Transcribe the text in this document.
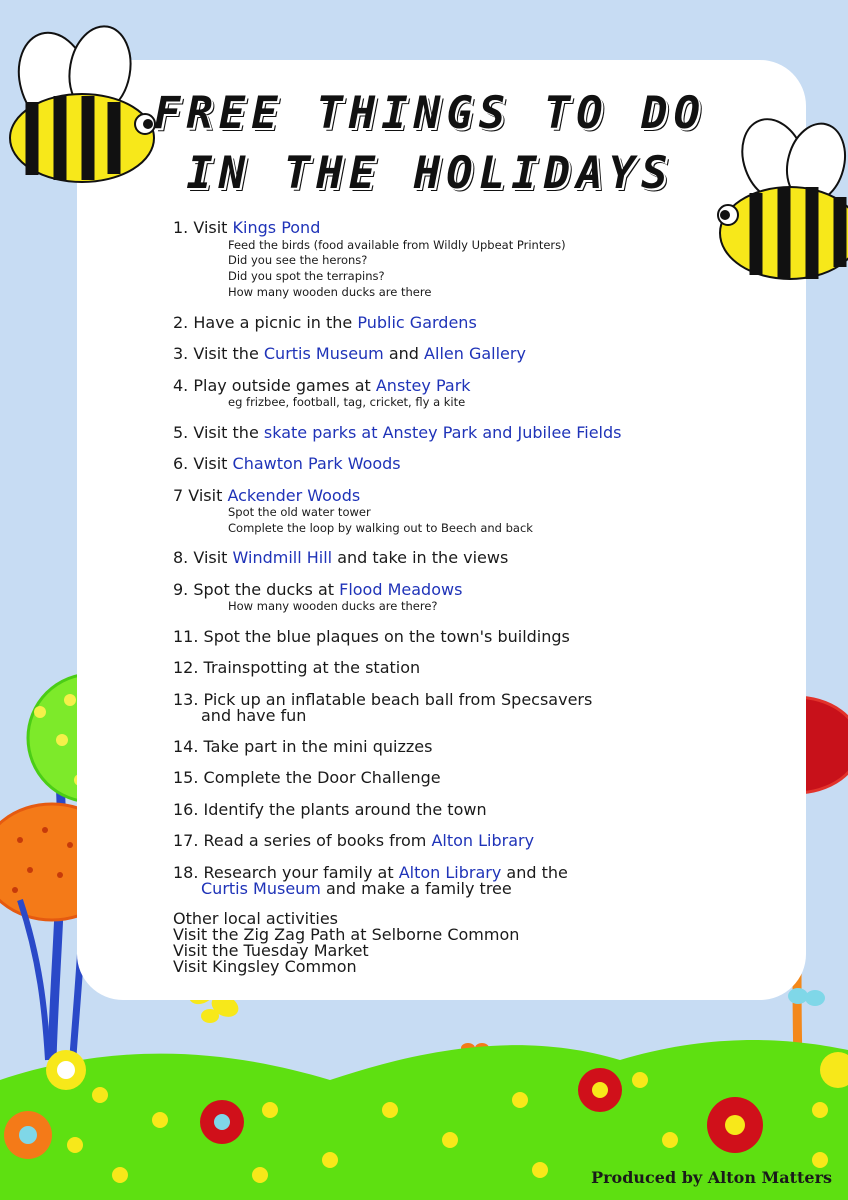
FREE THINGS TO DO
IN THE HOLIDAYS
1. Visit Kings Pond
Feed the birds (food available from Wildly Upbeat Printers)
Did you see the herons?
Did you spot the terrapins?
How many wooden ducks are there
2. Have a picnic in the Public Gardens
3. Visit the Curtis Museum and Allen Gallery
4. Play outside games at Anstey Park
eg frizbee, football, tag, cricket, fly a kite
5. Visit the skate parks at Anstey Park and Jubilee Fields
6. Visit Chawton Park Woods
7 Visit Ackender Woods
Spot the old water tower
Complete the loop by walking out to Beech and back
8. Visit Windmill Hill and take in the views
9. Spot the ducks at Flood Meadows
How many wooden ducks are there?
11. Spot the blue plaques on the town's buildings
12. Trainspotting at the station
13. Pick up an inflatable beach ball from Specsavers
and have fun
14. Take part in the mini quizzes
15. Complete the Door Challenge
16. Identify the plants around the town
17. Read a series of books from Alton Library
18. Research your family at Alton Library and the
Curtis Museum and make a family tree
Other local activities
Visit the Zig Zag Path at Selborne Common
Visit the Tuesday Market
Visit Kingsley Common
Produced by Alton Matters
